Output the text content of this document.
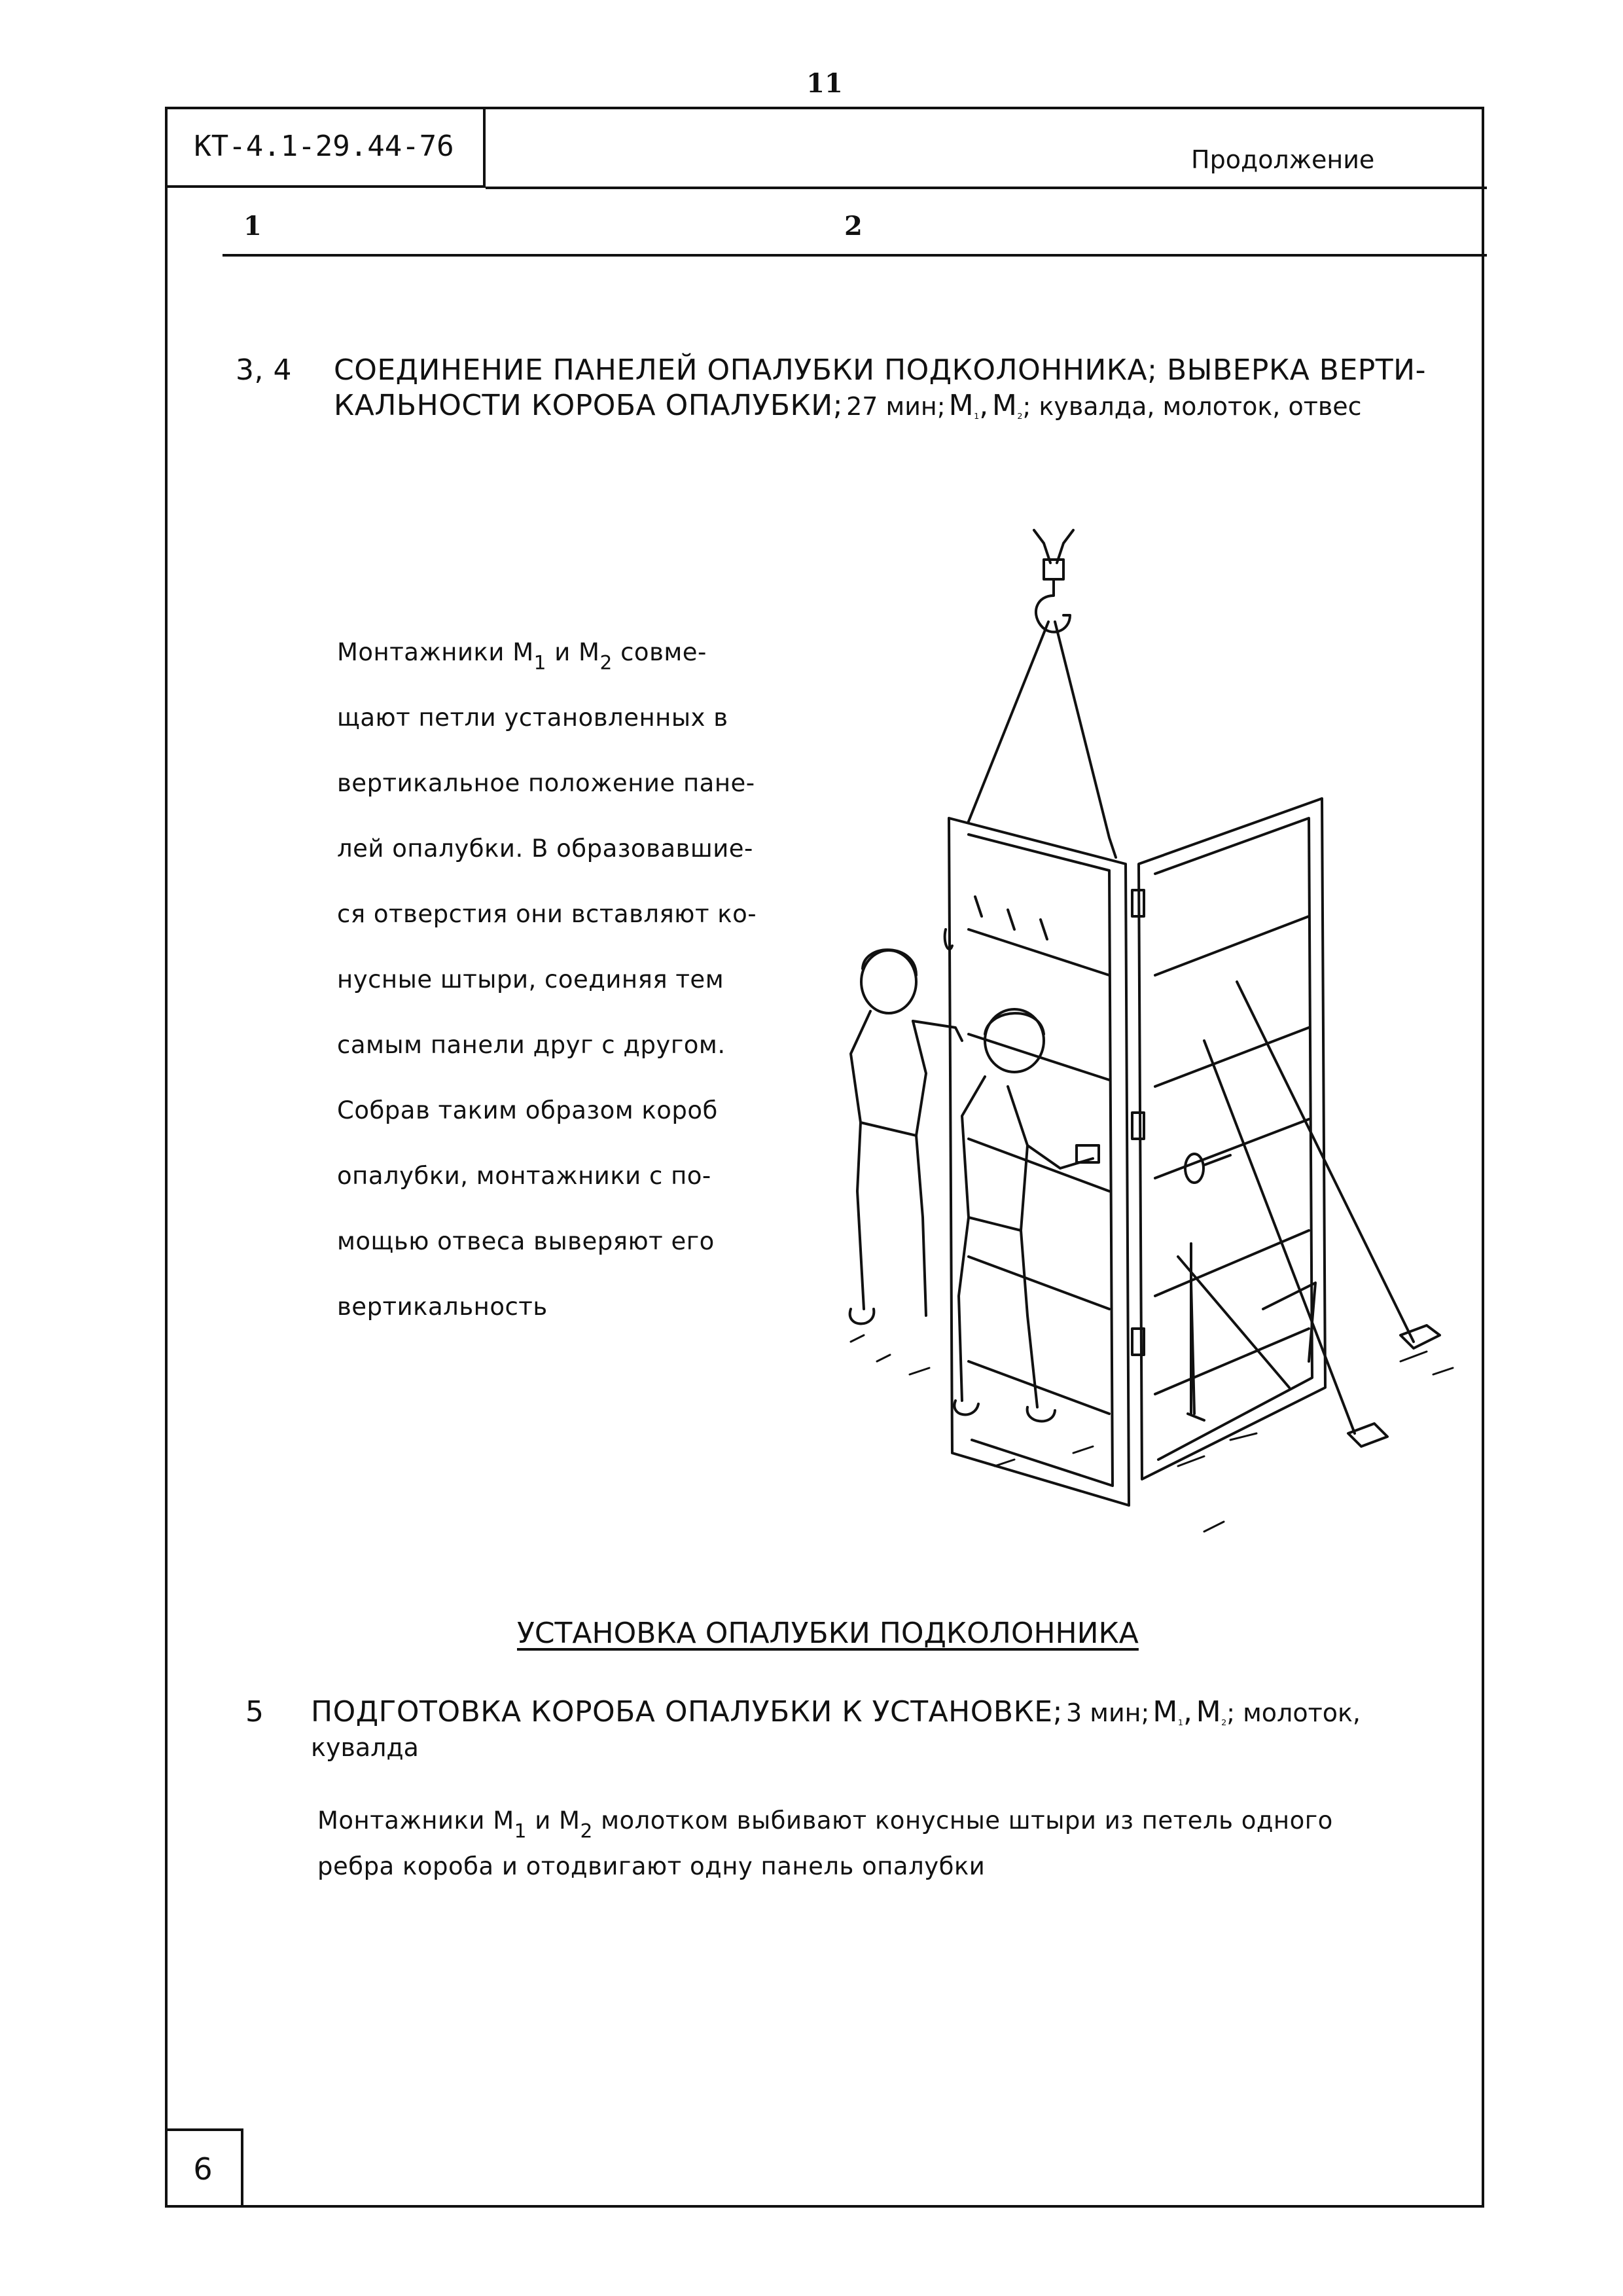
11
КТ-4.1-29.44-76	Продолжение
1	2
3, 4 СОЕДИНЕНИЕ ПАНЕЛЕЙ ОПАЛУБКИ ПОДКОЛОННИКА; ВЫВЕРКА ВЕРТИ-
КАЛЬНОСТИ КОРОБА ОПАЛУБКИ; 27 мин; $М_1$, $М_2$; кувалда, молоток, отвес
Монтажники $М_1$ и $М_2$ совме-
щают петли установленных в
вертикальное положение пане-
лей опалубки. В образовавшие-
ся отверстия они вставляют ко-
нусные штыри, соединяя тем
самым панели друг с другом.
Собрав таким образом короб
опалубки, монтажники с по-
мощью отвеса выверяют его
вертикальность
УСТАНОВКА ОПАЛУБКИ ПОДКОЛОННИКА
5 ПОДГОТОВКА КОРОБА ОПАЛУБКИ К УСТАНОВКЕ; 3 мин; $М_1$, $М_2$; молоток,
кувалда
Монтажники $М_1$ и $М_2$ молотком выбивают конусные штыри из петель одного
ребра короба и отодвигают одну панель опалубки
6
